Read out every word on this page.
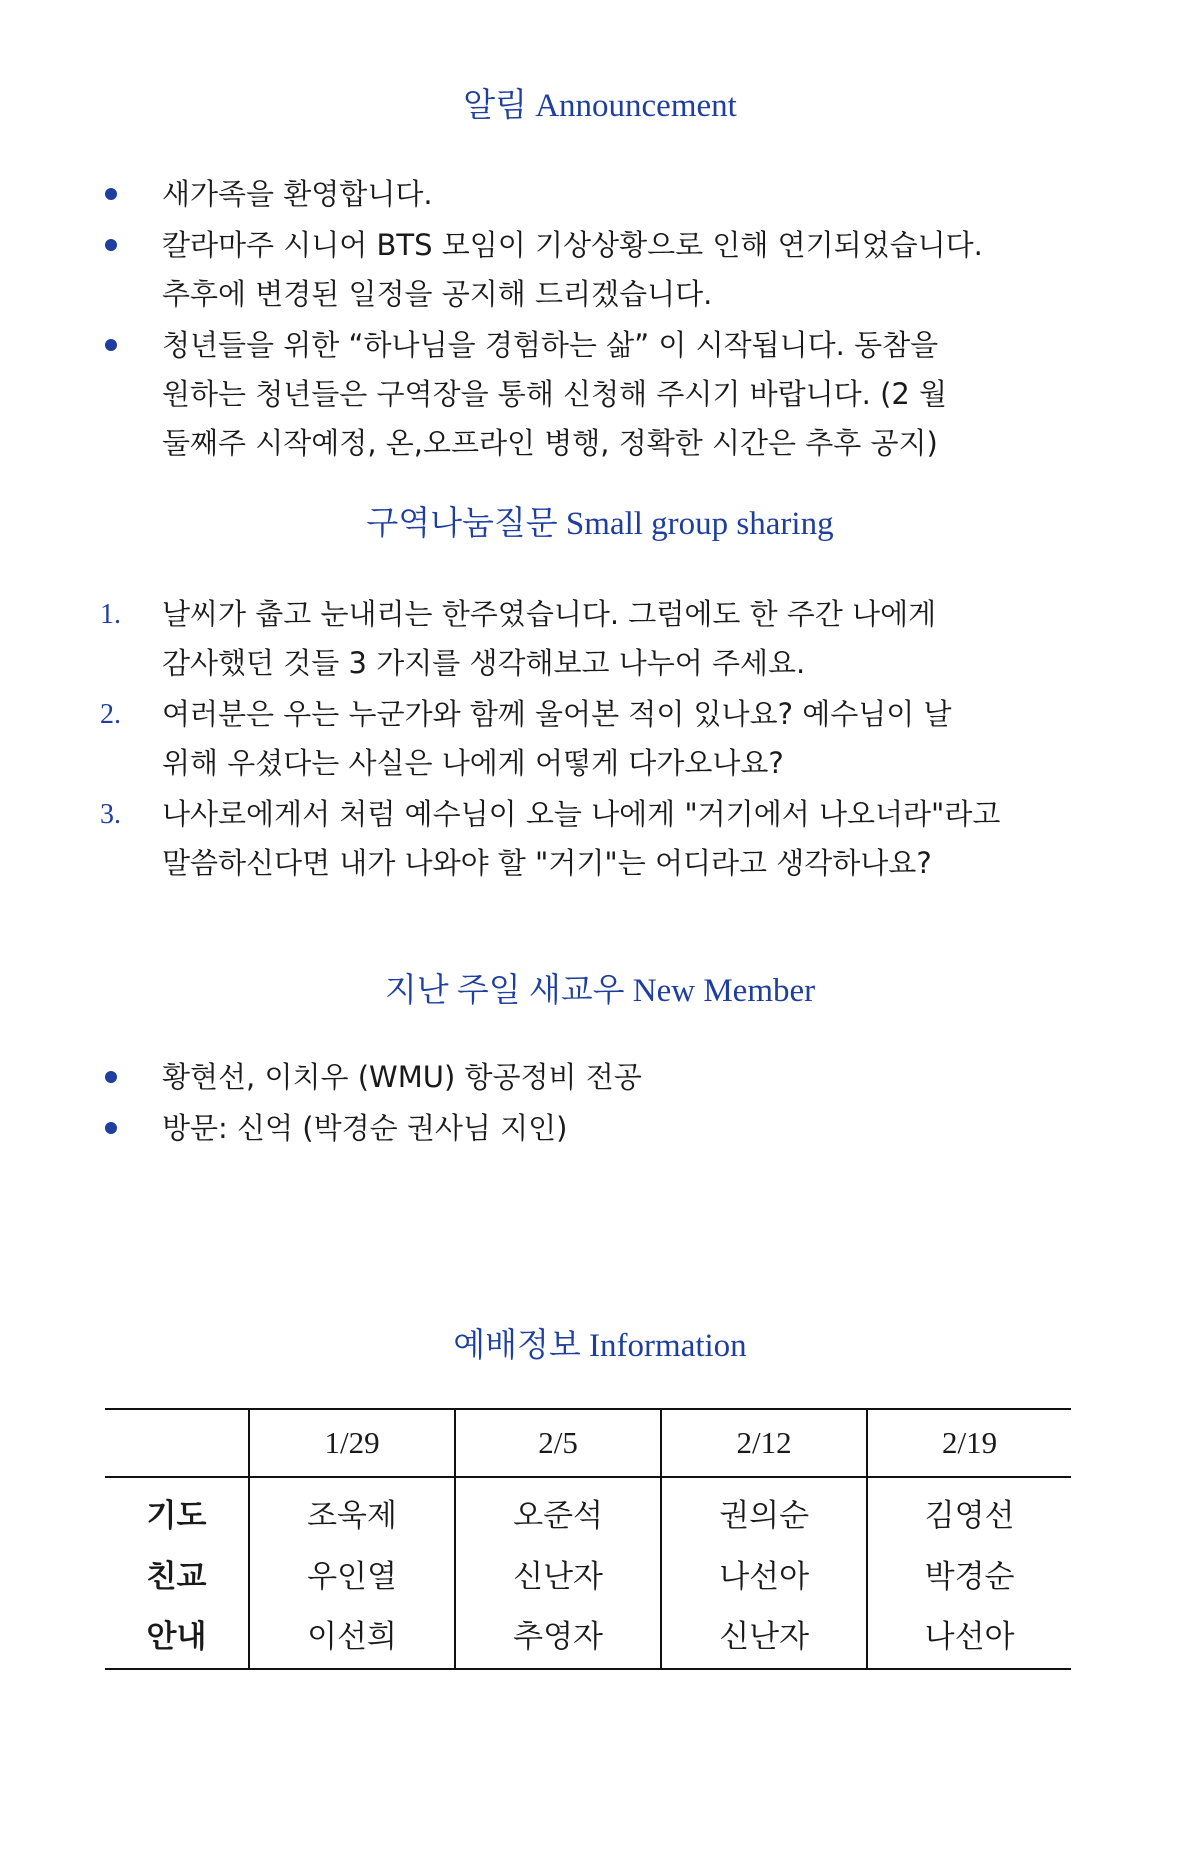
알림 Announcement
새가족을 환영합니다.
칼라마주 시니어 BTS 모임이 기상상황으로 인해 연기되었습니다.
추후에 변경된 일정을 공지해 드리겠습니다.
청년들을 위한 “하나님을 경험하는 삶” 이 시작됩니다. 동참을
원하는 청년들은 구역장을 통해 신청해 주시기 바랍니다. (2 월
둘째주 시작예정, 온,오프라인 병행, 정확한 시간은 추후 공지)
구역나눔질문 Small group sharing
1. 날씨가 춥고 눈내리는 한주였습니다. 그럼에도 한 주간 나에게
감사했던 것들 3 가지를 생각해보고 나누어 주세요.
2. 여러분은 우는 누군가와 함께 울어본 적이 있나요? 예수님이 날
위해 우셨다는 사실은 나에게 어떻게 다가오나요?
3. 나사로에게서 처럼 예수님이 오늘 나에게 "거기에서 나오너라"라고
말씀하신다면 내가 나와야 할 "거기"는 어디라고 생각하나요?
지난 주일 새교우 New Member
황현선, 이치우 (WMU) 항공정비 전공
방문: 신억 (박경순 권사님 지인)
예배정보 Information
	1/29	2/5	2/12	2/19
기도	조욱제	오준석	권의순	김영선
친교	우인열	신난자	나선아	박경순
안내	이선희	추영자	신난자	나선아
